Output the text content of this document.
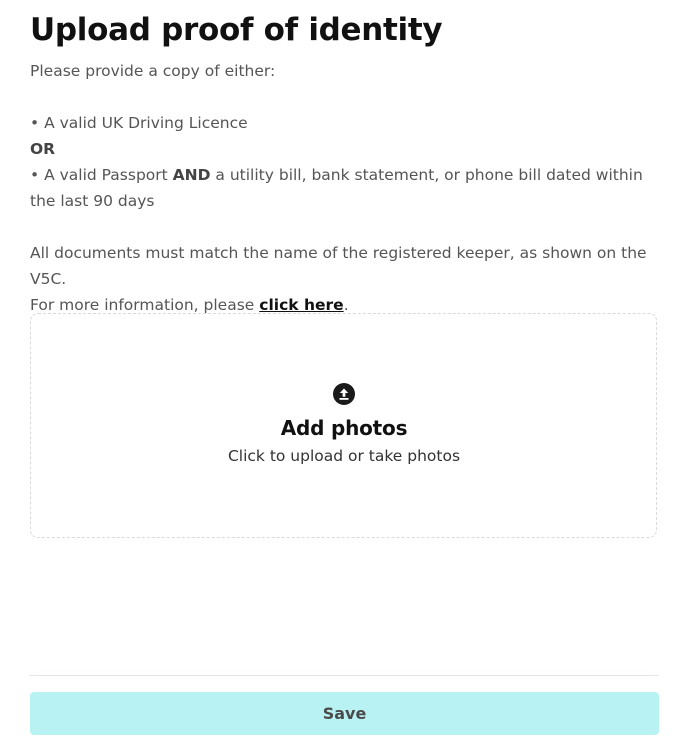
Upload proof of identity

Please provide a copy of either:

• A valid UK Driving Licence

OR

• A valid Passport AND a utility bill, bank statement, or phone bill dated within the last 90 days

All documents must match the name of the registered keeper, as shown on the V5C.

For more information, please click here.

Add photos
Click to upload or take photos
Save
